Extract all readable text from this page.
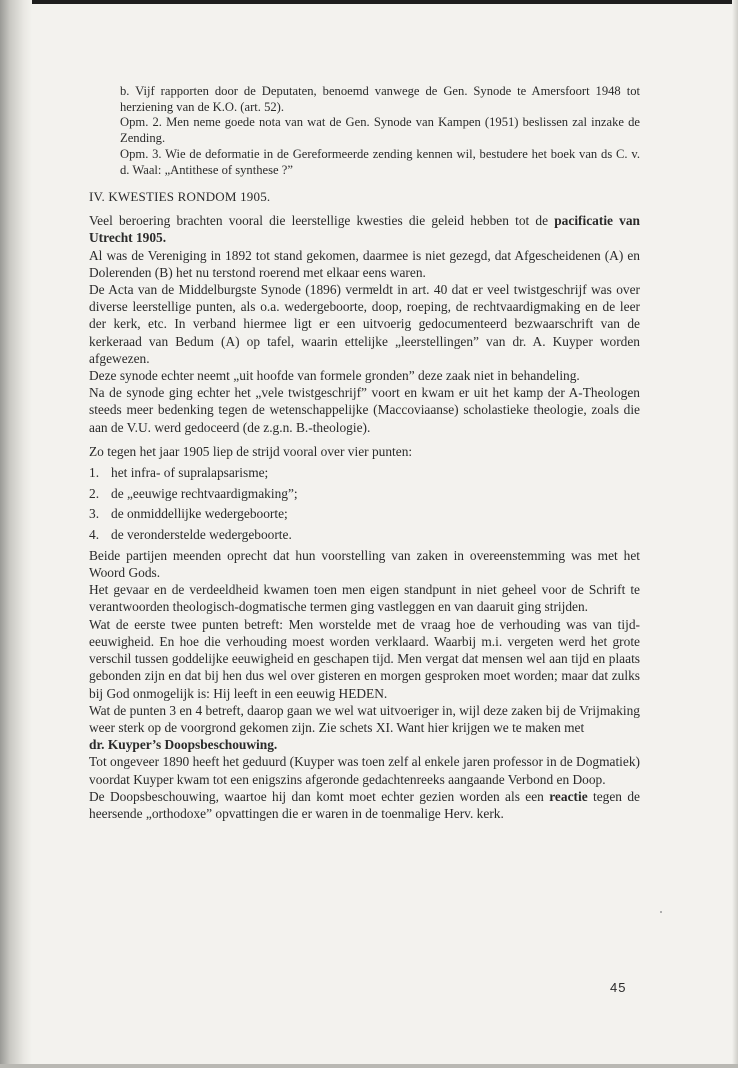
b. Vijf rapporten door de Deputaten, benoemd vanwege de Gen. Synode te Amersfoort 1948 tot herziening van de K.O. (art. 52).

Opm. 2. Men neme goede nota van wat de Gen. Synode van Kampen (1951) beslissen zal inzake de Zending.

Opm. 3. Wie de deformatie in de Gereformeerde zending kennen wil, bestudere het boek van ds C. v. d. Waal: „Antithese of synthese ?”

IV. KWESTIES RONDOM 1905.

Veel beroering brachten vooral die leerstellige kwesties die geleid hebben tot de pacificatie van Utrecht 1905.

Al was de Vereniging in 1892 tot stand gekomen, daarmee is niet gezegd, dat Afgescheidenen (A) en Dolerenden (B) het nu terstond roerend met elkaar eens waren.

De Acta van de Middelburgste Synode (1896) vermeldt in art. 40 dat er veel twistgeschrijf was over diverse leerstellige punten, als o.a. wedergeboorte, doop, roeping, de rechtvaardigmaking en de leer der kerk, etc. In verband hiermee ligt er een uitvoerig gedocumenteerd bezwaarschrift van de kerkeraad van Bedum (A) op tafel, waarin ettelijke „leerstellingen” van dr. A. Kuyper worden afgewezen.

Deze synode echter neemt „uit hoofde van formele gronden” deze zaak niet in behandeling.

Na de synode ging echter het „vele twistgeschrijf” voort en kwam er uit het kamp der A-Theologen steeds meer bedenking tegen de wetenschappelijke (Maccoviaanse) scholastieke theologie, zoals die aan de V.U. werd gedoceerd (de z.g.n. B.-theologie).

Zo tegen het jaar 1905 liep de strijd vooral over vier punten:

1. het infra- of supralapsarisme;
2. de „eeuwige rechtvaardigmaking”;
3. de onmiddellijke wedergeboorte;
4. de veronderstelde wedergeboorte.

Beide partijen meenden oprecht dat hun voorstelling van zaken in overeenstemming was met het Woord Gods.

Het gevaar en de verdeeldheid kwamen toen men eigen standpunt in niet geheel voor de Schrift te verantwoorden theologisch-dogmatische termen ging vastleggen en van daaruit ging strijden.

Wat de eerste twee punten betreft: Men worstelde met de vraag hoe de verhouding was van tijd-eeuwigheid. En hoe die verhouding moest worden verklaard. Waarbij m.i. vergeten werd het grote verschil tussen goddelijke eeuwigheid en geschapen tijd. Men vergat dat mensen wel aan tijd en plaats gebonden zijn en dat bij hen dus wel over gisteren en morgen gesproken moet worden; maar dat zulks bij God onmogelijk is: Hij leeft in een eeuwig HEDEN.

Wat de punten 3 en 4 betreft, daarop gaan we wel wat uitvoeriger in, wijl deze zaken bij de Vrijmaking weer sterk op de voorgrond gekomen zijn. Zie schets XI. Want hier krijgen we te maken met

dr. Kuyper’s Doopsbeschouwing.

Tot ongeveer 1890 heeft het geduurd (Kuyper was toen zelf al enkele jaren professor in de Dogmatiek) voordat Kuyper kwam tot een enigszins afgeronde gedachtenreeks aangaande Verbond en Doop.

De Doopsbeschouwing, waartoe hij dan komt moet echter gezien worden als een reactie tegen de heersende „orthodoxe” opvattingen die er waren in de toenmalige Herv. kerk.

45
